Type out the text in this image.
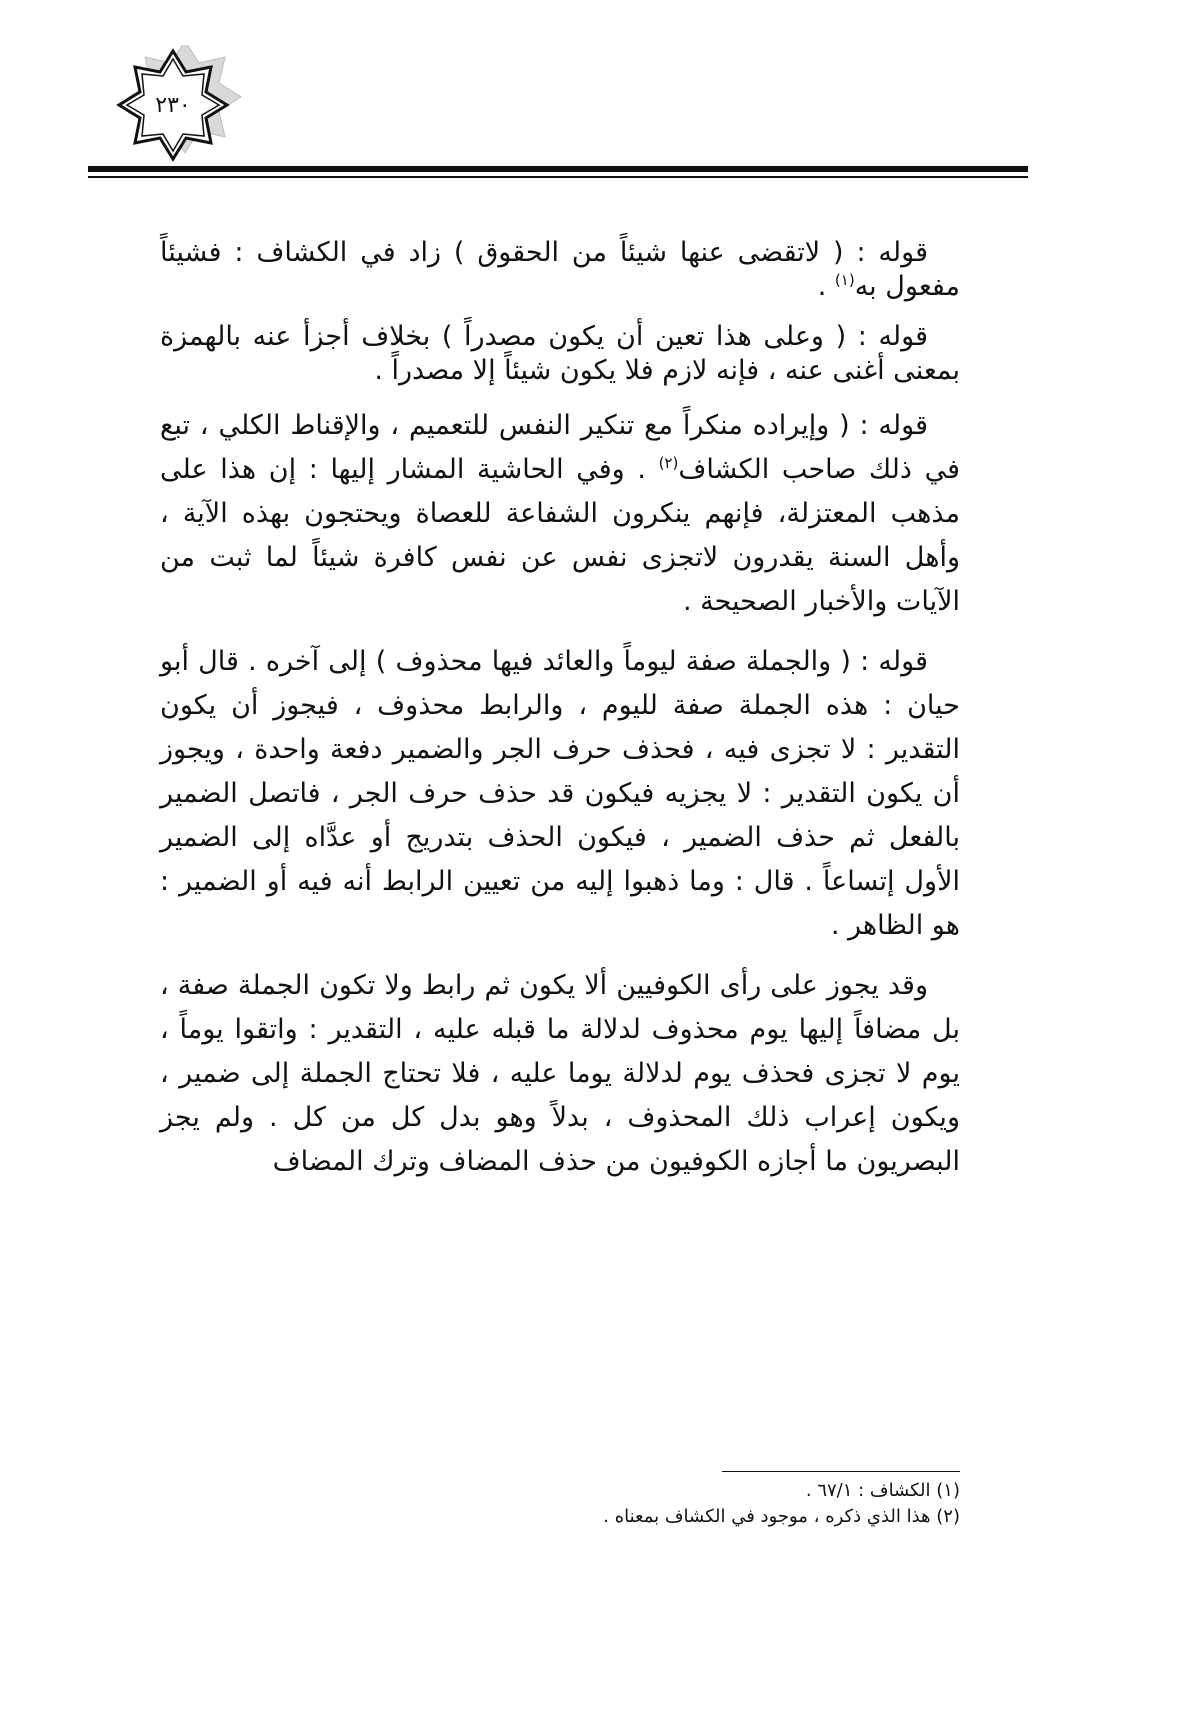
٢٣٠

قوله : ( لاتقضى عنها شيئاً من الحقوق ) زاد في الكشاف : فشيئاً مفعول به$^{(١)}$ .

قوله : ( وعلى هذا تعين أن يكون مصدراً ) بخلاف أجزأ عنه بالهمزة بمعنى أغنى عنه ، فإنه لازم فلا يكون شيئاً إلا مصدراً .

قوله : ( وإيراده منكراً مع تنكير النفس للتعميم ، والإقناط الكلي ، تبع في ذلك صاحب الكشاف$^{(٢)}$ . وفي الحاشية المشار إليها : إن هذا على مذهب المعتزلة، فإنهم ينكرون الشفاعة للعصاة ويحتجون بهذه الآية ، وأهل السنة يقدرون لاتجزى نفس عن نفس كافرة شيئاً لما ثبت من الآيات والأخبار الصحيحة .

قوله : ( والجملة صفة ليوماً والعائد فيها محذوف ) إلى آخره . قال أبو حيان : هذه الجملة صفة لليوم ، والرابط محذوف ، فيجوز أن يكون التقدير : لا تجزى فيه ، فحذف حرف الجر والضمير دفعة واحدة ، ويجوز أن يكون التقدير : لا يجزيه فيكون قد حذف حرف الجر ، فاتصل الضمير بالفعل ثم حذف الضمير ، فيكون الحذف بتدريج أو عدَّاه إلى الضمير الأول إتساعاً . قال : وما ذهبوا إليه من تعيين الرابط أنه فيه أو الضمير : هو الظاهر .

وقد يجوز على رأى الكوفيين ألا يكون ثم رابط ولا تكون الجملة صفة ، بل مضافاً إليها يوم محذوف لدلالة ما قبله عليه ، التقدير : واتقوا يوماً ، يوم لا تجزى فحذف يوم لدلالة يوما عليه ، فلا تحتاج الجملة إلى ضمير ، ويكون إعراب ذلك المحذوف ، بدلاً وهو بدل كل من كل . ولم يجز البصريون ما أجازه الكوفيون من حذف المضاف وترك المضاف

(١) الكشاف : ٦٧/١ .
(٢) هذا الذي ذكره ، موجود في الكشاف بمعناه .
